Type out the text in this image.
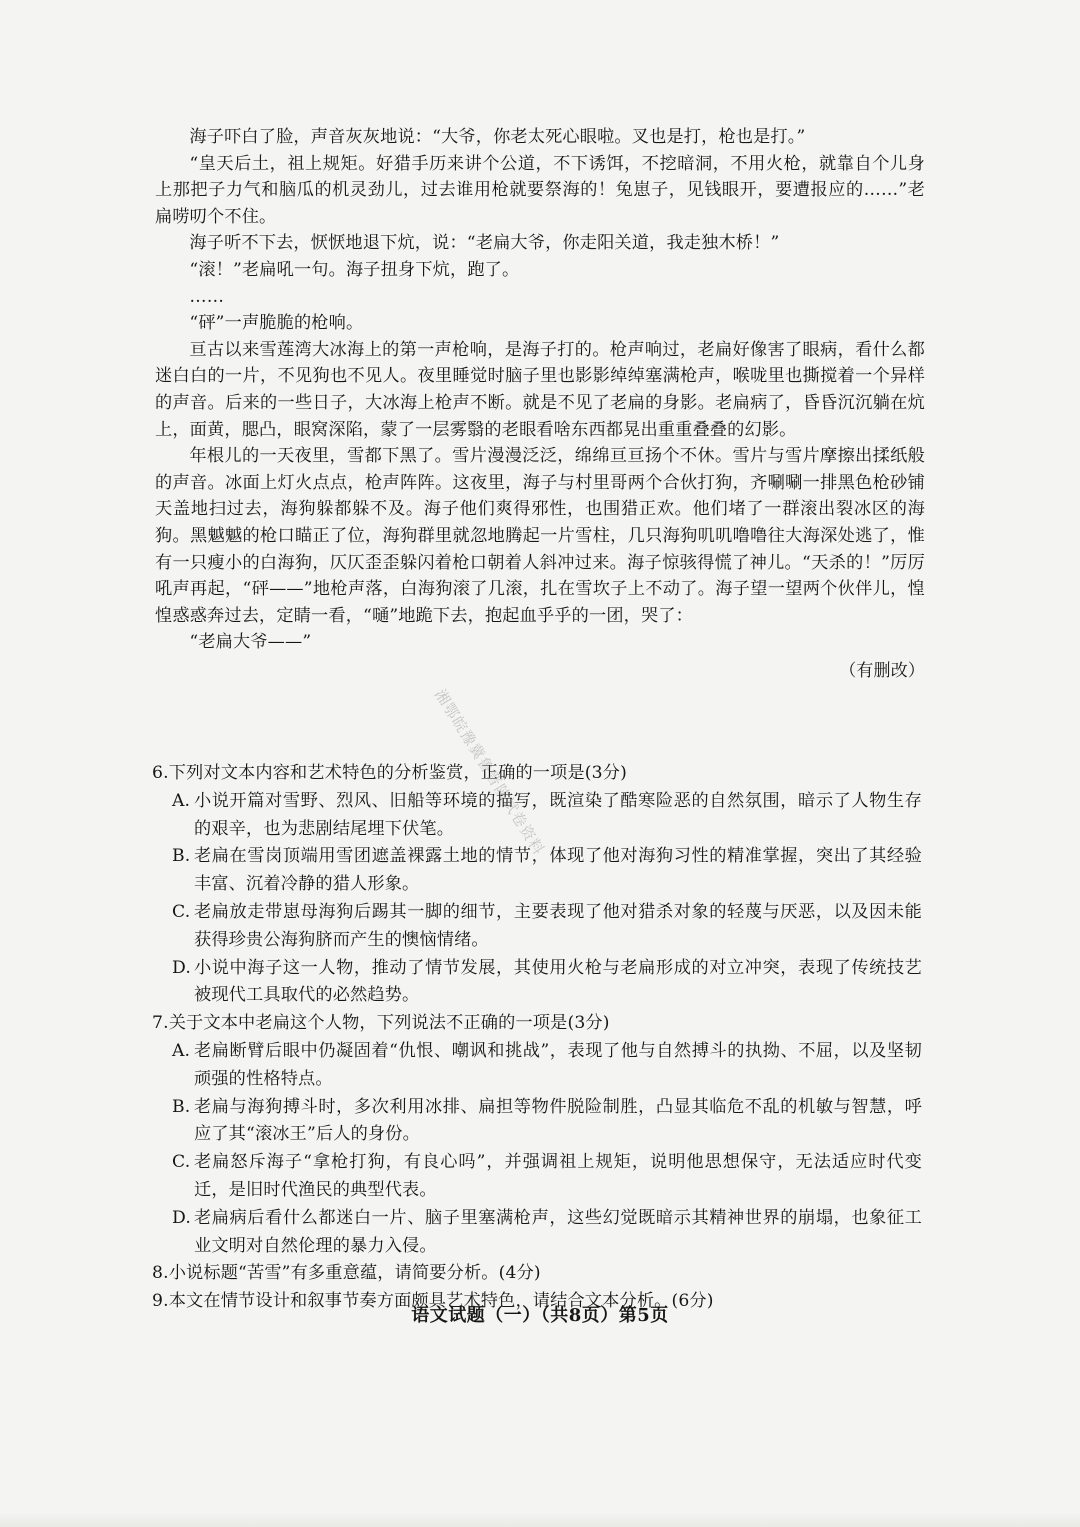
海子吓白了脸，声音灰灰地说：“大爷，你老太死心眼啦。叉也是打，枪也是打。”

“皇天后土，祖上规矩。好猎手历来讲个公道，不下诱饵，不挖暗洞，不用火枪，就靠自个儿身上那把子力气和脑瓜的机灵劲儿，过去谁用枪就要祭海的！兔崽子，见钱眼开，要遭报应的……”老扁唠叨个不住。

海子听不下去，恹恹地退下炕，说：“老扁大爷，你走阳关道，我走独木桥！”

“滚！”老扁吼一句。海子扭身下炕，跑了。

……

“砰”一声脆脆的枪响。

亘古以来雪莲湾大冰海上的第一声枪响，是海子打的。枪声响过，老扁好像害了眼病，看什么都迷白白的一片，不见狗也不见人。夜里睡觉时脑子里也影影绰绰塞满枪声，喉咙里也撕搅着一个异样的声音。后来的一些日子，大冰海上枪声不断。就是不见了老扁的身影。老扁病了，昏昏沉沉躺在炕上，面黄，腮凸，眼窝深陷，蒙了一层雾翳的老眼看啥东西都晃出重重叠叠的幻影。

年根儿的一天夜里，雪都下黑了。雪片漫漫泛泛，绵绵亘亘扬个不休。雪片与雪片摩擦出揉纸般的声音。冰面上灯火点点，枪声阵阵。这夜里，海子与村里哥两个合伙打狗，齐唰唰一排黑色枪砂铺天盖地扫过去，海狗躲都躲不及。海子他们爽得邪性，也围猎正欢。他们堵了一群滚出裂冰区的海狗。黑魆魆的枪口瞄正了位，海狗群里就忽地腾起一片雪柱，几只海狗叽叽噜噜往大海深处逃了，惟有一只瘦小的白海狗，仄仄歪歪躲闪着枪口朝着人斜冲过来。海子惊骇得慌了神儿。“天杀的！”厉厉吼声再起，“砰——”地枪声落，白海狗滚了几滚，扎在雪坎子上不动了。海子望一望两个伙伴儿，惶惶惑惑奔过去，定睛一看，“嗵”地跪下去，抱起血乎乎的一团，哭了：

“老扁大爷——”

（有删改）

6.下列对文本内容和艺术特色的分析鉴赏，正确的一项是(3分)

A. 小说开篇对雪野、烈风、旧船等环境的描写，既渲染了酷寒险恶的自然氛围，暗示了人物生存的艰辛，也为悲剧结尾埋下伏笔。
B. 老扁在雪岗顶端用雪团遮盖裸露土地的情节，体现了他对海狗习性的精准掌握，突出了其经验丰富、沉着冷静的猎人形象。
C. 老扁放走带崽母海狗后踢其一脚的细节，主要表现了他对猎杀对象的轻蔑与厌恶，以及因未能获得珍贵公海狗脐而产生的懊恼情绪。
D. 小说中海子这一人物，推动了情节发展，其使用火枪与老扁形成的对立冲突，表现了传统技艺被现代工具取代的必然趋势。

7.关于文本中老扁这个人物，下列说法不正确的一项是(3分)

A. 老扁断臂后眼中仍凝固着“仇恨、嘲讽和挑战”，表现了他与自然搏斗的执拗、不屈，以及坚韧顽强的性格特点。
B. 老扁与海狗搏斗时，多次利用冰排、扁担等物件脱险制胜，凸显其临危不乱的机敏与智慧，呼应了其“滚冰王”后人的身份。
C. 老扁怒斥海子“拿枪打狗，有良心吗”，并强调祖上规矩，说明他思想保守，无法适应时代变迁，是旧时代渔民的典型代表。
D. 老扁病后看什么都迷白一片、脑子里塞满枪声，这些幻觉既暗示其精神世界的崩塌，也象征工业文明对自然伦理的暴力入侵。

8.小说标题“苦雪”有多重意蕴，请简要分析。(4分)

9.本文在情节设计和叙事节奏方面颇具艺术特色，请结合文本分析。(6分)

语文试题（一）（共8页）第5页
湘鄂皖豫冀鲁晋陕试卷资料
